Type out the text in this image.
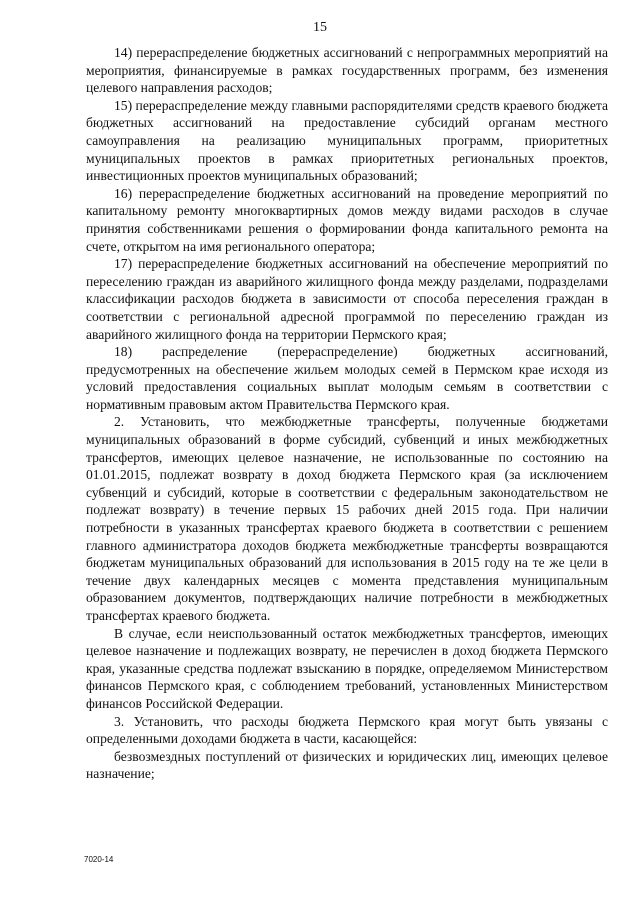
15

14) перераспределение бюджетных ассигнований с непрограммных мероприятий на мероприятия, финансируемые в рамках государственных программ, без изменения целевого направления расходов;

15) перераспределение между главными распорядителями средств краевого бюджета бюджетных ассигнований на предоставление субсидий органам местного самоуправления на реализацию муниципальных программ, приоритетных муниципальных проектов в рамках приоритетных региональных проектов, инвестиционных проектов муниципальных образований;

16) перераспределение бюджетных ассигнований на проведение мероприятий по капитальному ремонту многоквартирных домов между видами расходов в случае принятия собственниками решения о формировании фонда капитального ремонта на счете, открытом на имя регионального оператора;

17) перераспределение бюджетных ассигнований на обеспечение мероприятий по переселению граждан из аварийного жилищного фонда между разделами, подразделами классификации расходов бюджета в зависимости от способа переселения граждан в соответствии с региональной адресной программой по переселению граждан из аварийного жилищного фонда на территории Пермского края;

18) распределение (перераспределение) бюджетных ассигнований, предусмотренных на обеспечение жильем молодых семей в Пермском крае исходя из условий предоставления социальных выплат молодым семьям в соответствии с нормативным правовым актом Правительства Пермского края.

2. Установить, что межбюджетные трансферты, полученные бюджетами муниципальных образований в форме субсидий, субвенций и иных межбюджетных трансфертов, имеющих целевое назначение, не использованные по состоянию на 01.01.2015, подлежат возврату в доход бюджета Пермского края (за исключением субвенций и субсидий, которые в соответствии с федеральным законодательством не подлежат возврату) в течение первых 15 рабочих дней 2015 года. При наличии потребности в указанных трансфертах краевого бюджета в соответствии с решением главного администратора доходов бюджета межбюджетные трансферты возвращаются бюджетам муниципальных образований для использования в 2015 году на те же цели в течение двух календарных месяцев с момента представления муниципальным образованием документов, подтверждающих наличие потребности в межбюджетных трансфертах краевого бюджета.

В случае, если неиспользованный остаток межбюджетных трансфертов, имеющих целевое назначение и подлежащих возврату, не перечислен в доход бюджета Пермского края, указанные средства подлежат взысканию в порядке, определяемом Министерством финансов Пермского края, с соблюдением требований, установленных Министерством финансов Российской Федерации.

3. Установить, что расходы бюджета Пермского края могут быть увязаны с определенными доходами бюджета в части, касающейся:

безвозмездных поступлений от физических и юридических лиц, имеющих целевое назначение;

7020-14
